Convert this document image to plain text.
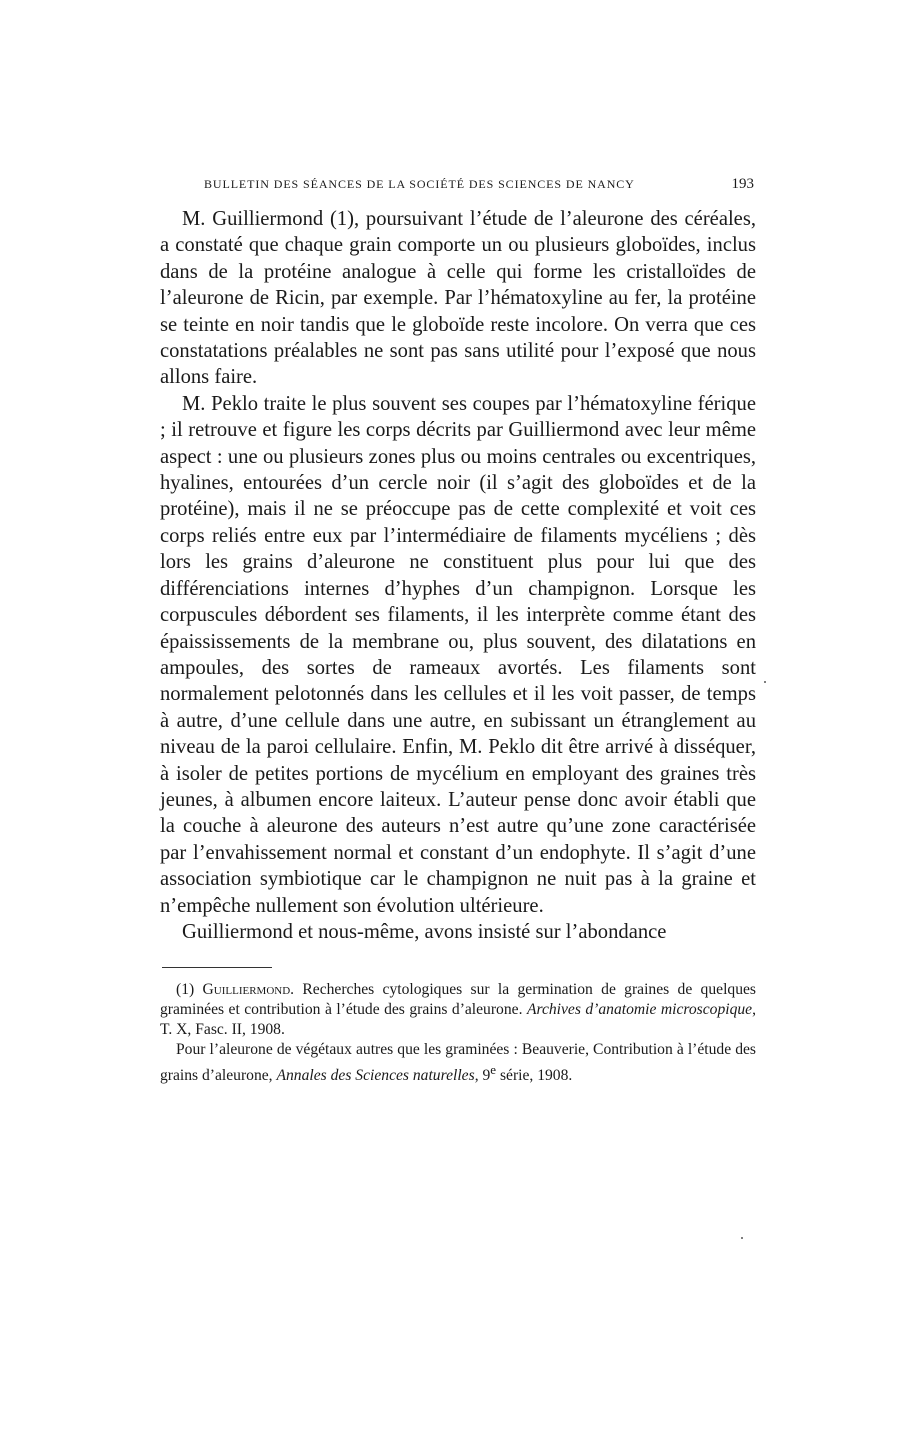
BULLETIN DES SÉANCES DE LA SOCIÉTÉ DES SCIENCES DE NANCY	193

M. Guilliermond (1), poursuivant l’étude de l’aleurone des céréales, a constaté que chaque grain comporte un ou plusieurs globoïdes, inclus dans de la protéine analogue à celle qui forme les cristalloïdes de l’aleurone de Ricin, par exemple. Par l’hématoxyline au fer, la protéine se teinte en noir tandis que le globoïde reste incolore. On verra que ces constatations préalables ne sont pas sans utilité pour l’exposé que nous allons faire.

M. Peklo traite le plus souvent ses coupes par l’hématoxyline férique ; il retrouve et figure les corps décrits par Guilliermond avec leur même aspect : une ou plusieurs zones plus ou moins centrales ou excentriques, hyalines, entourées d’un cercle noir (il s’agit des globoïdes et de la protéine), mais il ne se préoccupe pas de cette complexité et voit ces corps reliés entre eux par l’intermédiaire de filaments mycéliens ; dès lors les grains d’aleurone ne constituent plus pour lui que des différenciations internes d’hyphes d’un champignon. Lorsque les corpuscules débordent ses filaments, il les interprète comme étant des épaississements de la membrane ou, plus souvent, des dilatations en ampoules, des sortes de rameaux avortés. Les filaments sont normalement pelotonnés dans les cellules et il les voit passer, de temps à autre, d’une cellule dans une autre, en subissant un étranglement au niveau de la paroi cellulaire. Enfin, M. Peklo dit être arrivé à disséquer, à isoler de petites portions de mycélium en employant des graines très jeunes, à albumen encore laiteux. L’auteur pense donc avoir établi que la couche à aleurone des auteurs n’est autre qu’une zone caractérisée par l’envahissement normal et constant d’un endophyte. Il s’agit d’une association symbiotique car le champignon ne nuit pas à la graine et n’empêche nullement son évolution ultérieure.

Guilliermond et nous-même, avons insisté sur l’abondance

(1) Guilliermond. Recherches cytologiques sur la germination de graines de quelques graminées et contribution à l’étude des grains d’aleurone. Archives d’anatomie microscopique, T. X, Fasc. II, 1908.

Pour l’aleurone de végétaux autres que les graminées : Beauverie, Contribution à l’étude des grains d’aleurone, Annales des Sciences naturelles, 9e série, 1908.
